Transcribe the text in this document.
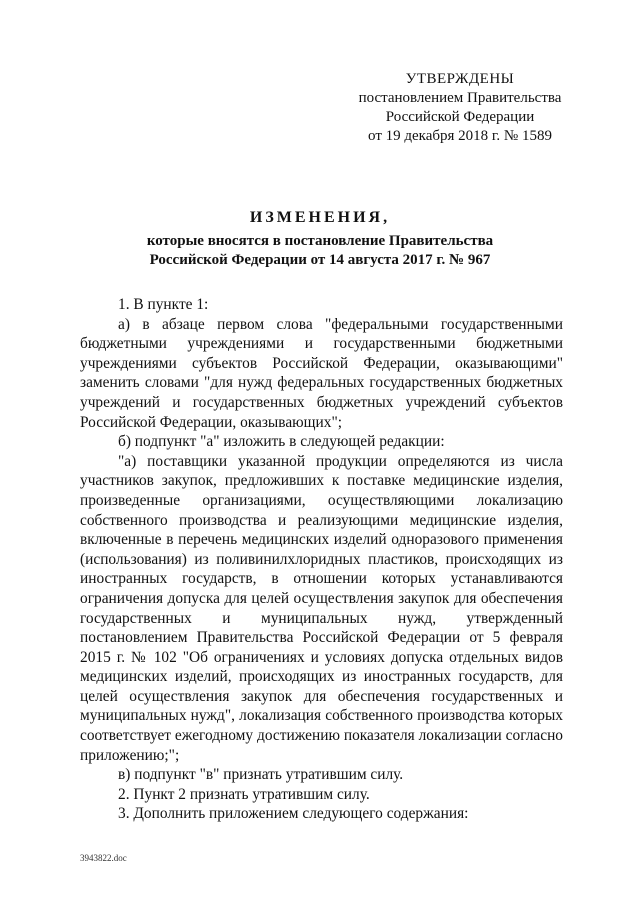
УТВЕРЖДЕНЫ
постановлением Правительства
Российской Федерации
от 19 декабря 2018 г. № 1589
ИЗМЕНЕНИЯ,
которые вносятся в постановление Правительства
Российской Федерации от 14 августа 2017 г. № 967

1. В пункте 1:

а) в абзаце первом слова "федеральными государственными бюджетными учреждениями и государственными бюджетными учреждениями субъектов Российской Федерации, оказывающими" заменить словами "для нужд федеральных государственных бюджетных учреждений и государственных бюджетных учреждений субъектов Российской Федерации, оказывающих";

б) подпункт "а" изложить в следующей редакции:

"а) поставщики указанной продукции определяются из числа участников закупок, предложивших к поставке медицинские изделия, произведенные организациями, осуществляющими локализацию собственного производства и реализующими медицинские изделия, включенные в перечень медицинских изделий одноразового применения (использования) из поливинилхлоридных пластиков, происходящих из иностранных государств, в отношении которых устанавливаются ограничения допуска для целей осуществления закупок для обеспечения государственных и муниципальных нужд, утвержденный постановлением Правительства Российской Федерации от 5 февраля 2015 г. № 102 "Об ограничениях и условиях допуска отдельных видов медицинских изделий, происходящих из иностранных государств, для целей осуществления закупок для обеспечения государственных и муниципальных нужд", локализация собственного производства которых соответствует ежегодному достижению показателя локализации согласно приложению;";

в) подпункт "в" признать утратившим силу.

2. Пункт 2 признать утратившим силу.

3. Дополнить приложением следующего содержания:

3943822.doc
